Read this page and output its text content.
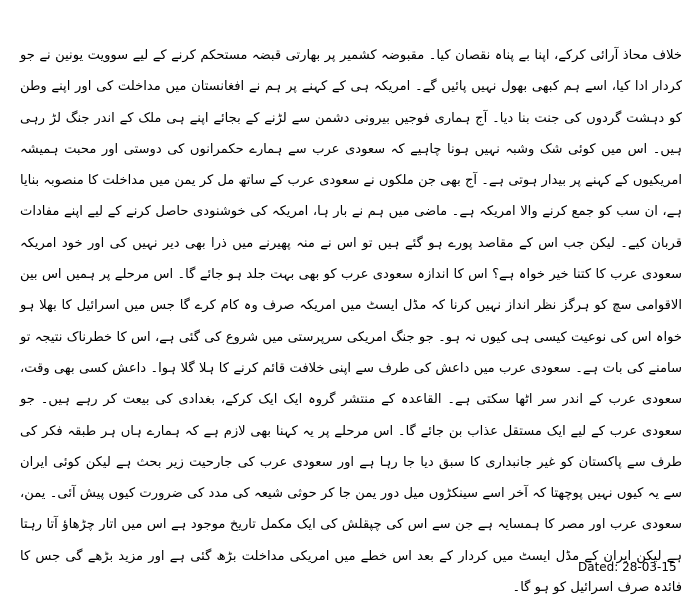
خلاف محاذ آرائی کرکے، اپنا بے پناہ نقصان کیا۔ مقبوضہ کشمیر پر بھارتی قبضہ مستحکم کرنے کے لیے سوویت یونین نے جو کردار ادا کیا، اسے ہم کبھی بھول نہیں پائیں گے۔ امریکہ ہی کے کہنے پر ہم نے افغانستان میں مداخلت کی اور اپنے وطن کو دہشت گردوں کی جنت بنا دیا۔ آج ہماری فوجیں بیرونی دشمن سے لڑنے کے بجائے اپنے ہی ملک کے اندر جنگ لڑ رہی ہیں۔ اس میں کوئی شک وشبہ نہیں ہونا چاہیے کہ سعودی عرب سے ہمارے حکمرانوں کی دوستی اور محبت ہمیشہ امریکیوں کے کہنے پر بیدار ہوتی ہے۔ آج بھی جن ملکوں نے سعودی عرب کے ساتھ مل کر یمن میں مداخلت کا منصوبہ بنایا ہے، ان سب کو جمع کرنے والا امریکہ ہے۔ ماضی میں ہم نے بار ہا، امریکہ کی خوشنودی حاصل کرنے کے لیے اپنے مفادات قربان کیے۔ لیکن جب اس کے مقاصد پورے ہو گئے ہیں تو اس نے منہ پھیرنے میں ذرا بھی دیر نہیں کی اور خود امریکہ سعودی عرب کا کتنا خیر خواہ ہے؟ اس کا اندازہ سعودی عرب کو بھی بہت جلد ہو جائے گا۔ اس مرحلے پر ہمیں اس بین الاقوامی سچ کو ہرگز نظر انداز نہیں کرنا کہ مڈل ایسٹ میں امریکہ صرف وہ کام کرے گا جس میں اسرائیل کا بھلا ہو خواہ اس کی نوعیت کیسی ہی کیوں نہ ہو۔ جو جنگ امریکی سرپرستی میں شروع کی گئی ہے، اس کا خطرناک نتیجہ تو سامنے کی بات ہے۔ سعودی عرب میں داعش کی طرف سے اپنی خلافت قائم کرنے کا ہلا گلا ہوا۔ داعش کسی بھی وقت، سعودی عرب کے اندر سر اٹھا سکتی ہے۔ القاعدہ کے منتشر گروہ ایک ایک کرکے، بغدادی کی بیعت کر رہے ہیں۔ جو سعودی عرب کے لیے ایک مستقل عذاب بن جائے گا۔ اس مرحلے پر یہ کہنا بھی لازم ہے کہ ہمارے ہاں ہر طبقہ فکر کی طرف سے پاکستان کو غیر جانبداری کا سبق دیا جا رہا ہے اور سعودی عرب کی جارحیت زیر بحث ہے لیکن کوئی ایران سے یہ کیوں نہیں پوچھتا کہ آخر اسے سینکڑوں میل دور یمن جا کر حوثی شیعہ کی مدد کی ضرورت کیوں پیش آئی۔ یمن، سعودی عرب اور مصر کا ہمسایہ ہے جن سے اس کی چپقلش کی ایک مکمل تاریخ موجود ہے اس میں اتار چڑھاؤ آتا رہتا ہے لیکن ایران کے مڈل ایسٹ میں کردار کے بعد اس خطے میں امریکی مداخلت بڑھ گئی ہے اور مزید بڑھے گی جس کا فائدہ صرف اسرائیل کو ہو گا۔

Dated: 28-03-15
